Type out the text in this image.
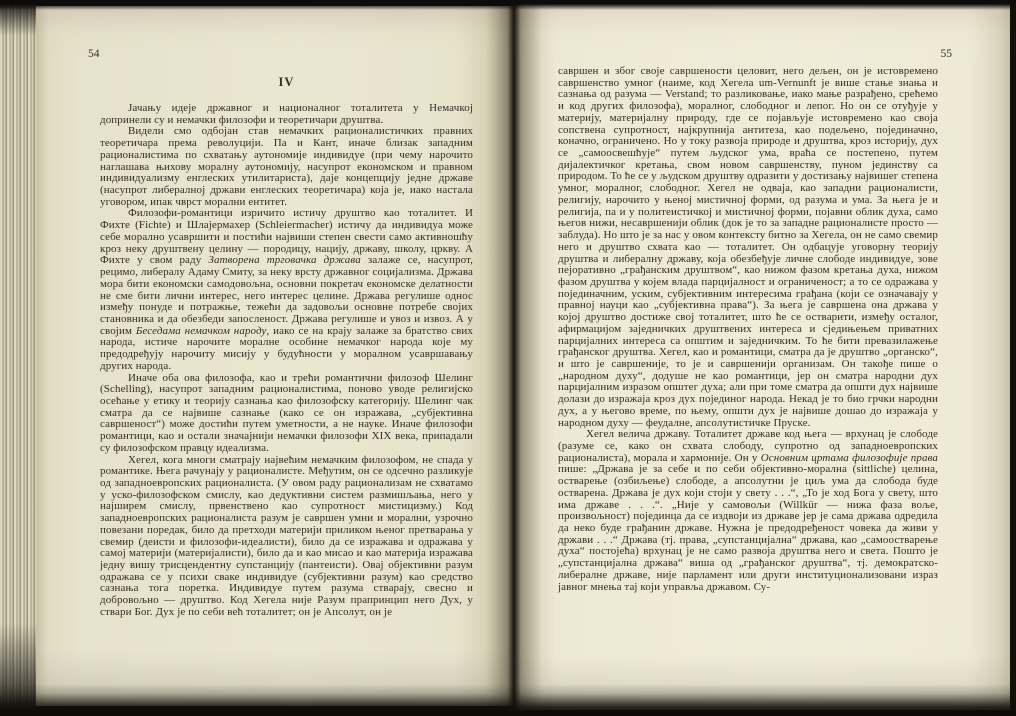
54
IV

Јачању идеје државног и националног тоталитета у Немачкој допринели су и немачки филозофи и теоретичари друштва.

Видели смо одбојан став немачких рационалистичких правних теоретичара према револуцији. Па и Кант, иначе близак западним рационалистима по схватању аутономије индивидуе (при чему нарочито наглашава њихову моралну аутономију, насупрот економском и правном индивидуализму енглеских утилитариста), даје концепцију једне државе (насупрот либералној држави енглеских теоретичара) која је, иако настала уговором, ипак чврст морални ентитет.

Филозофи-романтици изричито истичу друштво као тоталитет. И Фихте (Fichte) и Шлајермахер (Schleiermacher) истичу да индивидуа може себе морално усавршити и постићи највиши степен свести само активношћу кроз неку друштвену целину — породицу, нацију, државу, школу, цркву. А Фихте у свом раду Затворена трговачка држава залаже се, насупрот, рецимо, либералу Адаму Смиту, за неку врсту државног социјализма. Држава мора бити економски самодовољна, основни покретач економске делатности не сме бити лични интерес, него интерес целине. Држава регулише однос између понуде и потражње, тежећи да задовољи основне потребе својих становника и да обезбеди запосленост. Држава регулише и увоз и извоз. А у својим Беседама немачком народу, иако се на крају залаже за братство свих народа, истиче нарочите моралне особине немачког народа које му предодређују нарочиту мисију у будућности у моралном усавршавању других народа.

Иначе оба ова филозофа, као и трећи романтични филозоф Шелинг (Schelling), насупрот западним рационалистима, поново уводе религијско осећање у етику и теорију сазнања као филозофску категорију. Шелинг чак сматра да се највише сазнање (како се он изражава, „субјективна савршеност“) може достићи путем уметности, а не науке. Иначе филозофи романтици, као и остали значајнији немачки филозофи XIX века, припадали су филозофском правцу идеализма.

Хегел, кога многи сматрају највећим немачким филозофом, не спада у романтике. Њега рачунају у рационалисте. Међутим, он се одсечно разликује од западноевропских рационалиста. (У овом раду рационализам не схватамо у уско-филозофском смислу, као дедуктивни систем размишљања, него у најширем смислу, првенствено као супротност мистицизму.) Код западноевропских рационалиста разум је савршен умни и морални, узрочно повезани поредак, било да претходи материји приликом њеног претварања у свемир (деисти и филозофи-идеалисти), било да се изражава и одражава у самој материји (материјалисти), било да и као мисао и као материја изражава једну вишу трисцендентну супстанцију (пантеисти). Овај објективни разум одражава се у психи сваке индивидуе (субјективни разум) као средство сазнања тога поретка. Индивидуе путем разума стварају, свесно и добровољно — друштво. Код Хегела није Разум прапринцип него Дух, у ствари Бог. Дух је по себи већ тоталитет; он је Апсолут, он је

55

савршен и због своје савршености целовит, него дељен, он је истовремено савршенство умног (наиме, код Хегела um-Vernunft је више стање знања и сазнања од разума — Verstand; то разликовање, иако мање разрађено, срећемо и код других филозофа), моралног, слободног и лепог. Но он се отуђује у материју, материјалну природу, где се појављује истовремено као своја сопствена супротност, најкрупнија антитеза, као подељено, појединачно, коначно, ограничено. Но у току развоја природе и друштва, кроз историју, дух се „самоосвешћује“ путем људског ума, враћа се постепено, путем дијалектичког кретања, свом новом савршенству, пуном јединству са природом. То ће се у људском друштву одразити у достизању највишег степена умног, моралног, слободног. Хегел не одваја, као западни рационалисти, религију, нарочито у њеној мистичној форми, од разума и ума. За њега је и религија, па и у политеистичкој и мистичној форми, појавни облик духа, само његов нижи, несавршенији облик (док је то за западне рационалисте просто — заблуда). Но што је за нас у овом контексту битно за Хегела, он не само свемир него и друштво схвата као — тоталитет. Он одбацује уговорну теорију друштва и либералну државу, која обезбеђује личне слободе индивидуе, зове пејоративно „грађанским друштвом“, као нижом фазом кретања духа, нижом фазом друштва у којем влада парцијалност и ограниченост; а то се одражава у појединачним, уским, субјективним интересима грађана (који се означавају у правној науци као „субјективна права“). За њега је савршена она држава у којој друштво достиже свој тоталитет, што ће се остварити, између осталог, афирмацијом заједничких друштвених интереса и сједињењем приватних парцијалних интереса са општим и заједничким. То ће бити превазилажење грађанског друштва. Хегел, као и романтици, сматра да је друштво „органско“, и што је савршеније, то је и савршенији организам. Он такође пише о „народном духу“, додуше не као романтици, јер он сматра народни дух парцијалним изразом општег духа; али при томе сматра да општи дух највише долази до изражаја кроз дух појединог народа. Некад је то био грчки народни дух, а у његово време, по њему, општи дух је највише дошао до изражаја у народном духу — феудалне, апсолутистичке Пруске.

Хегел велича државу. Тоталитет државе код њега — врхунац је слободе (разуме се, како он схвата слободу, супротно од западноевропских рационалиста), морала и хармоније. Он у Основним цртама филозофије права пише: „Држава је за себе и по себи објективно-морална (sittliche) целина, остварење (озбиљење) слободе, а апсолутни је циљ ума да слобода буде остварена. Држава је дух који стоји у свету . . .“, „То је ход Бога у свету, што има државе . . .“. „Није у самовољи (Willkür — нижа фаза воље, произвољност) појединца да се издвоји из државе јер је сама држава одредила да неко буде грађанин државе. Нужна је предодређеност човека да живи у држави . . .“ Држава (тј. права, „супстанцијална“ држава, као „самоостварење духа“ постојећа) врхунац је не само развоја друштва него и света. Пошто је „супстанцијална држава“ виша од „грађанског друштва“, тј. демократско-либералне државе, није парламент или други институционализовани израз јавног мнења тај који управља државом. Су-
